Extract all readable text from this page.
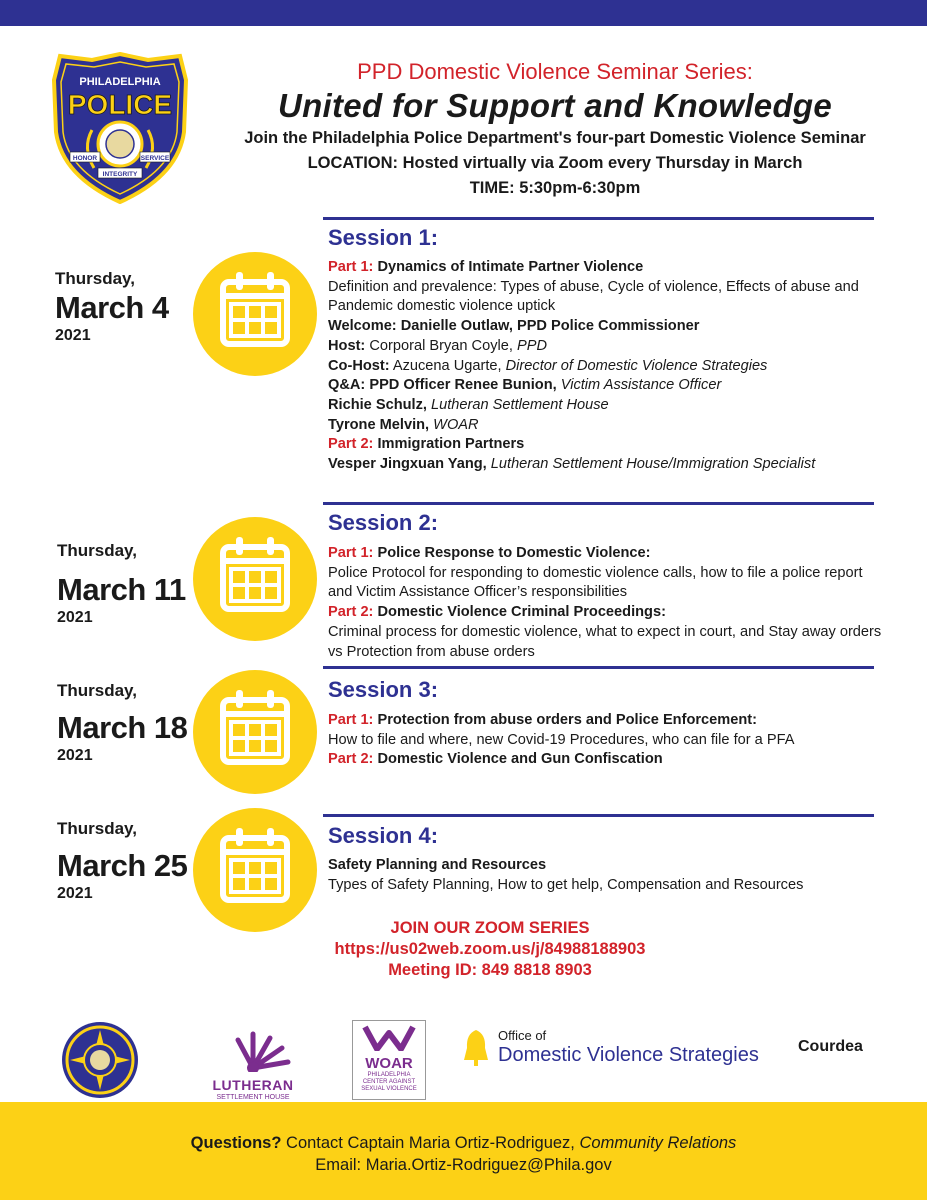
PHILADELPHIA
POLICE
HONOR	SERVICE
INTEGRITY
PPD Domestic Violence Seminar Series:
United for Support and Knowledge
Join the Philadelphia Police Department's four-part Domestic Violence Seminar
LOCATION: Hosted virtually via Zoom every Thursday in March
TIME: 5:30pm-6:30pm
Thursday,
March 4
2021
Session 1:
Part 1: Dynamics of Intimate Partner Violence
Definition and prevalence: Types of abuse, Cycle of violence, Effects of abuse and Pandemic domestic violence uptick
Welcome: Danielle Outlaw, PPD Police Commissioner
Host: Corporal Bryan Coyle, PPD
Co-Host: Azucena Ugarte, Director of Domestic Violence Strategies
Q&A: PPD Officer Renee Bunion, Victim Assistance Officer
Richie Schulz, Lutheran Settlement House
Tyrone Melvin, WOAR
Part 2: Immigration Partners
Vesper Jingxuan Yang, Lutheran Settlement House/Immigration Specialist
Thursday,
March 11
2021
Session 2:
Part 1: Police Response to Domestic Violence:
Police Protocol for responding to domestic violence calls, how to file a police report and Victim Assistance Officer’s responsibilities
Part 2: Domestic Violence Criminal Proceedings:
Criminal process for domestic violence, what to expect in court, and Stay away orders vs Protection from abuse orders
Thursday,
March 18
2021
Session 3:
Part 1: Protection from abuse orders and Police Enforcement:
How to file and where, new Covid-19 Procedures, who can file for a PFA
Part 2: Domestic Violence and Gun Confiscation
Thursday,
March 25
2021
Session 4:
Safety Planning and Resources
Types of Safety Planning, How to get help, Compensation and Resources
JOIN OUR ZOOM SERIES
https://us02web.zoom.us/j/84988188903
Meeting ID: 849 8818 8903
LUTHERAN
SETTLEMENT HOUSE
WOAR
PHILADELPHIA
CENTER AGAINST
SEXUAL VIOLENCE
Office of
Domestic Violence Strategies Courdea
Questions? Contact Captain Maria Ortiz-Rodriguez, Community Relations
Email: Maria.Ortiz-Rodriguez@Phila.gov
